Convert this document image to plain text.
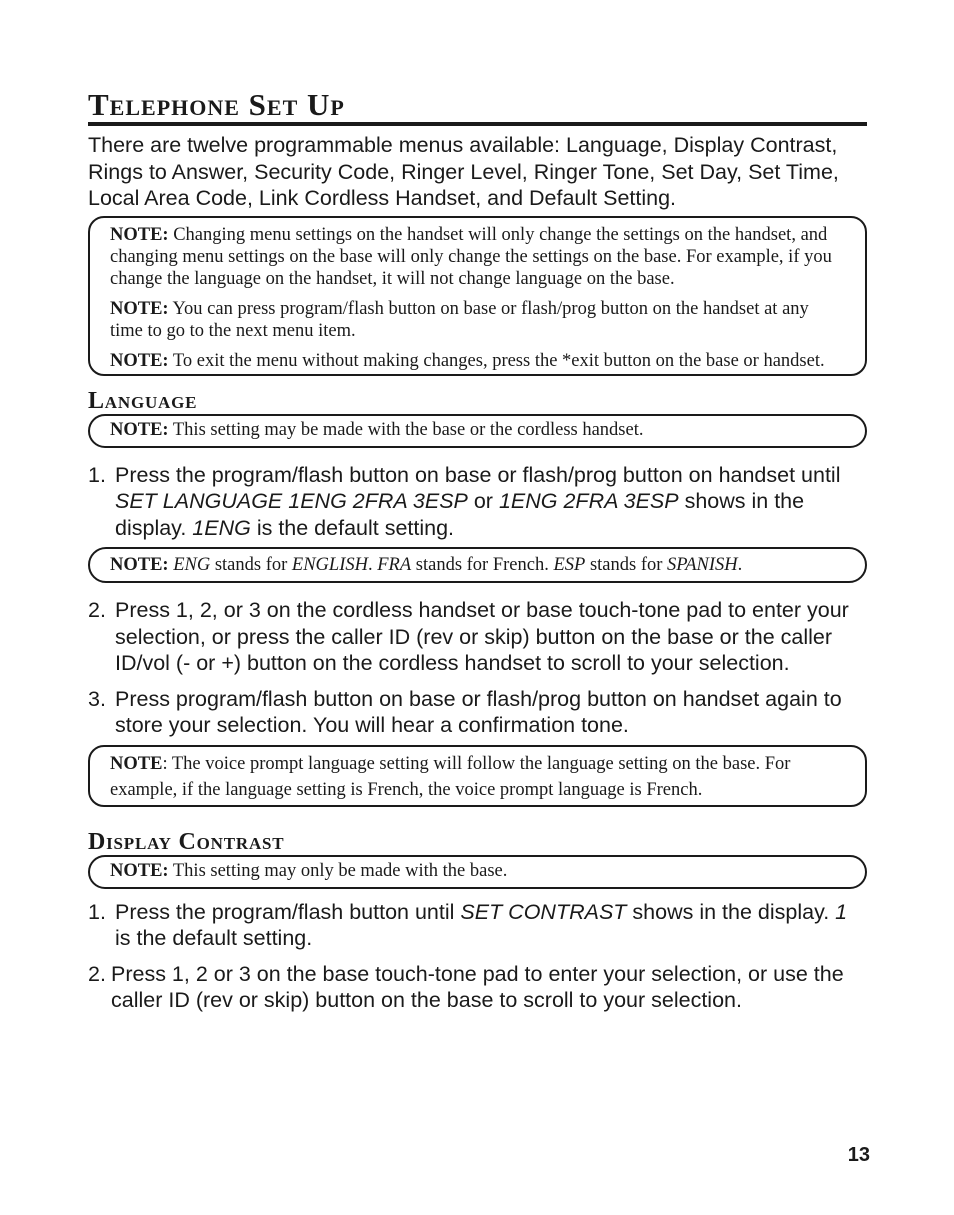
Telephone Set Up

There are twelve programmable menus available: Language, Display Contrast, Rings to Answer, Security Code, Ringer Level, Ringer Tone, Set Day, Set Time, Local Area Code, Link Cordless Handset, and Default Setting.

NOTE: Changing menu settings on the handset will only change the settings on the handset, and changing menu settings on the base will only change the settings on the base. For example, if you change the language on the handset, it will not change language on the base.

NOTE: You can press program/flash button on base or flash/prog button on the handset at any time to go to the next menu item.

NOTE: To exit the menu without making changes, press the *exit button on the base or handset.

Language
NOTE: This setting may be made with the base or the cordless handset.
1. Press the program/flash button on base or flash/prog button on handset until SET LANGUAGE 1ENG 2FRA 3ESP or 1ENG 2FRA 3ESP shows in the display. 1ENG is the default setting.
NOTE: ENG stands for ENGLISH. FRA stands for French. ESP stands for SPANISH.
2. Press 1, 2, or 3 on the cordless handset or base touch-tone pad to enter your selection, or press the caller ID (rev or skip) button on the base or the caller ID/vol (- or +) button on the cordless handset to scroll to your selection.
3. Press program/flash button on base or flash/prog button on handset again to store your selection. You will hear a confirmation tone.

NOTE: The voice prompt language setting will follow the language setting on the base. For example, if the language setting is French, the voice prompt language is French.

Display Contrast
NOTE: This setting may only be made with the base.
1. Press the program/flash button until SET CONTRAST shows in the display. 1 is the default setting.
2. Press 1, 2 or 3 on the base touch-tone pad to enter your selection, or use the caller ID (rev or skip) button on the base to scroll to your selection.
13
